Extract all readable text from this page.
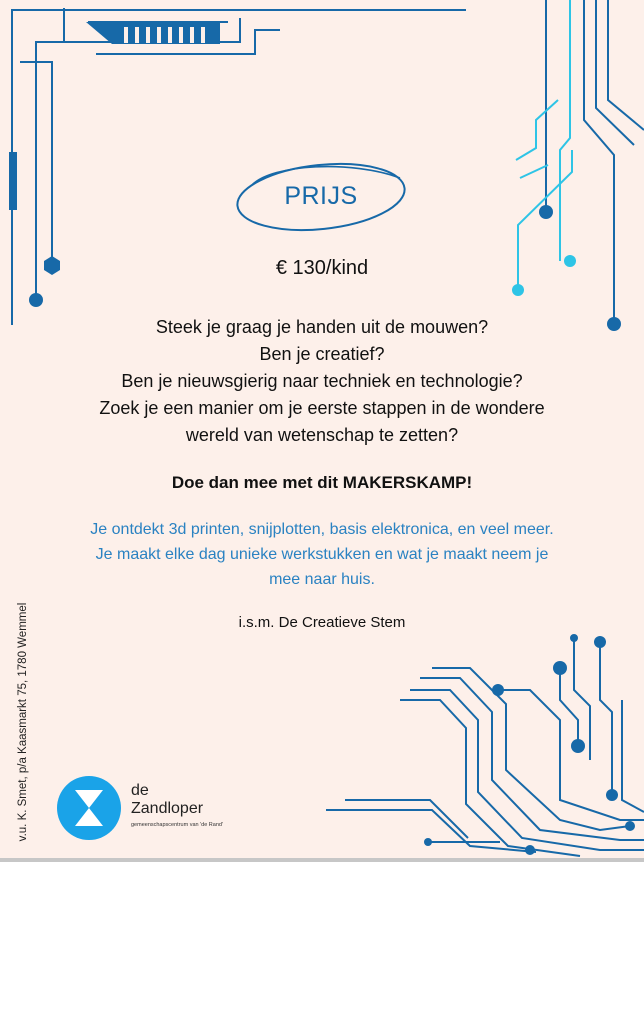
PRIJS
€ 130/kind
Steek je graag je handen uit de mouwen?
Ben je creatief?
Ben je nieuwsgierig naar techniek en technologie?
Zoek je een manier om je eerste stappen in de wondere
wereld van wetenschap te zetten?
Doe dan mee met dit MAKERSKAMP!
Je ontdekt 3d printen, snijplotten, basis elektronica, en veel meer.
Je maakt elke dag unieke werkstukken en wat je maakt neem je
mee naar huis.
i.s.m. De Creatieve Stem
v.u. K. Smet, p/a Kaasmarkt 75, 1780 Wemmel	de
Zandloper
gemeenschapscentrum van 'de Rand'
